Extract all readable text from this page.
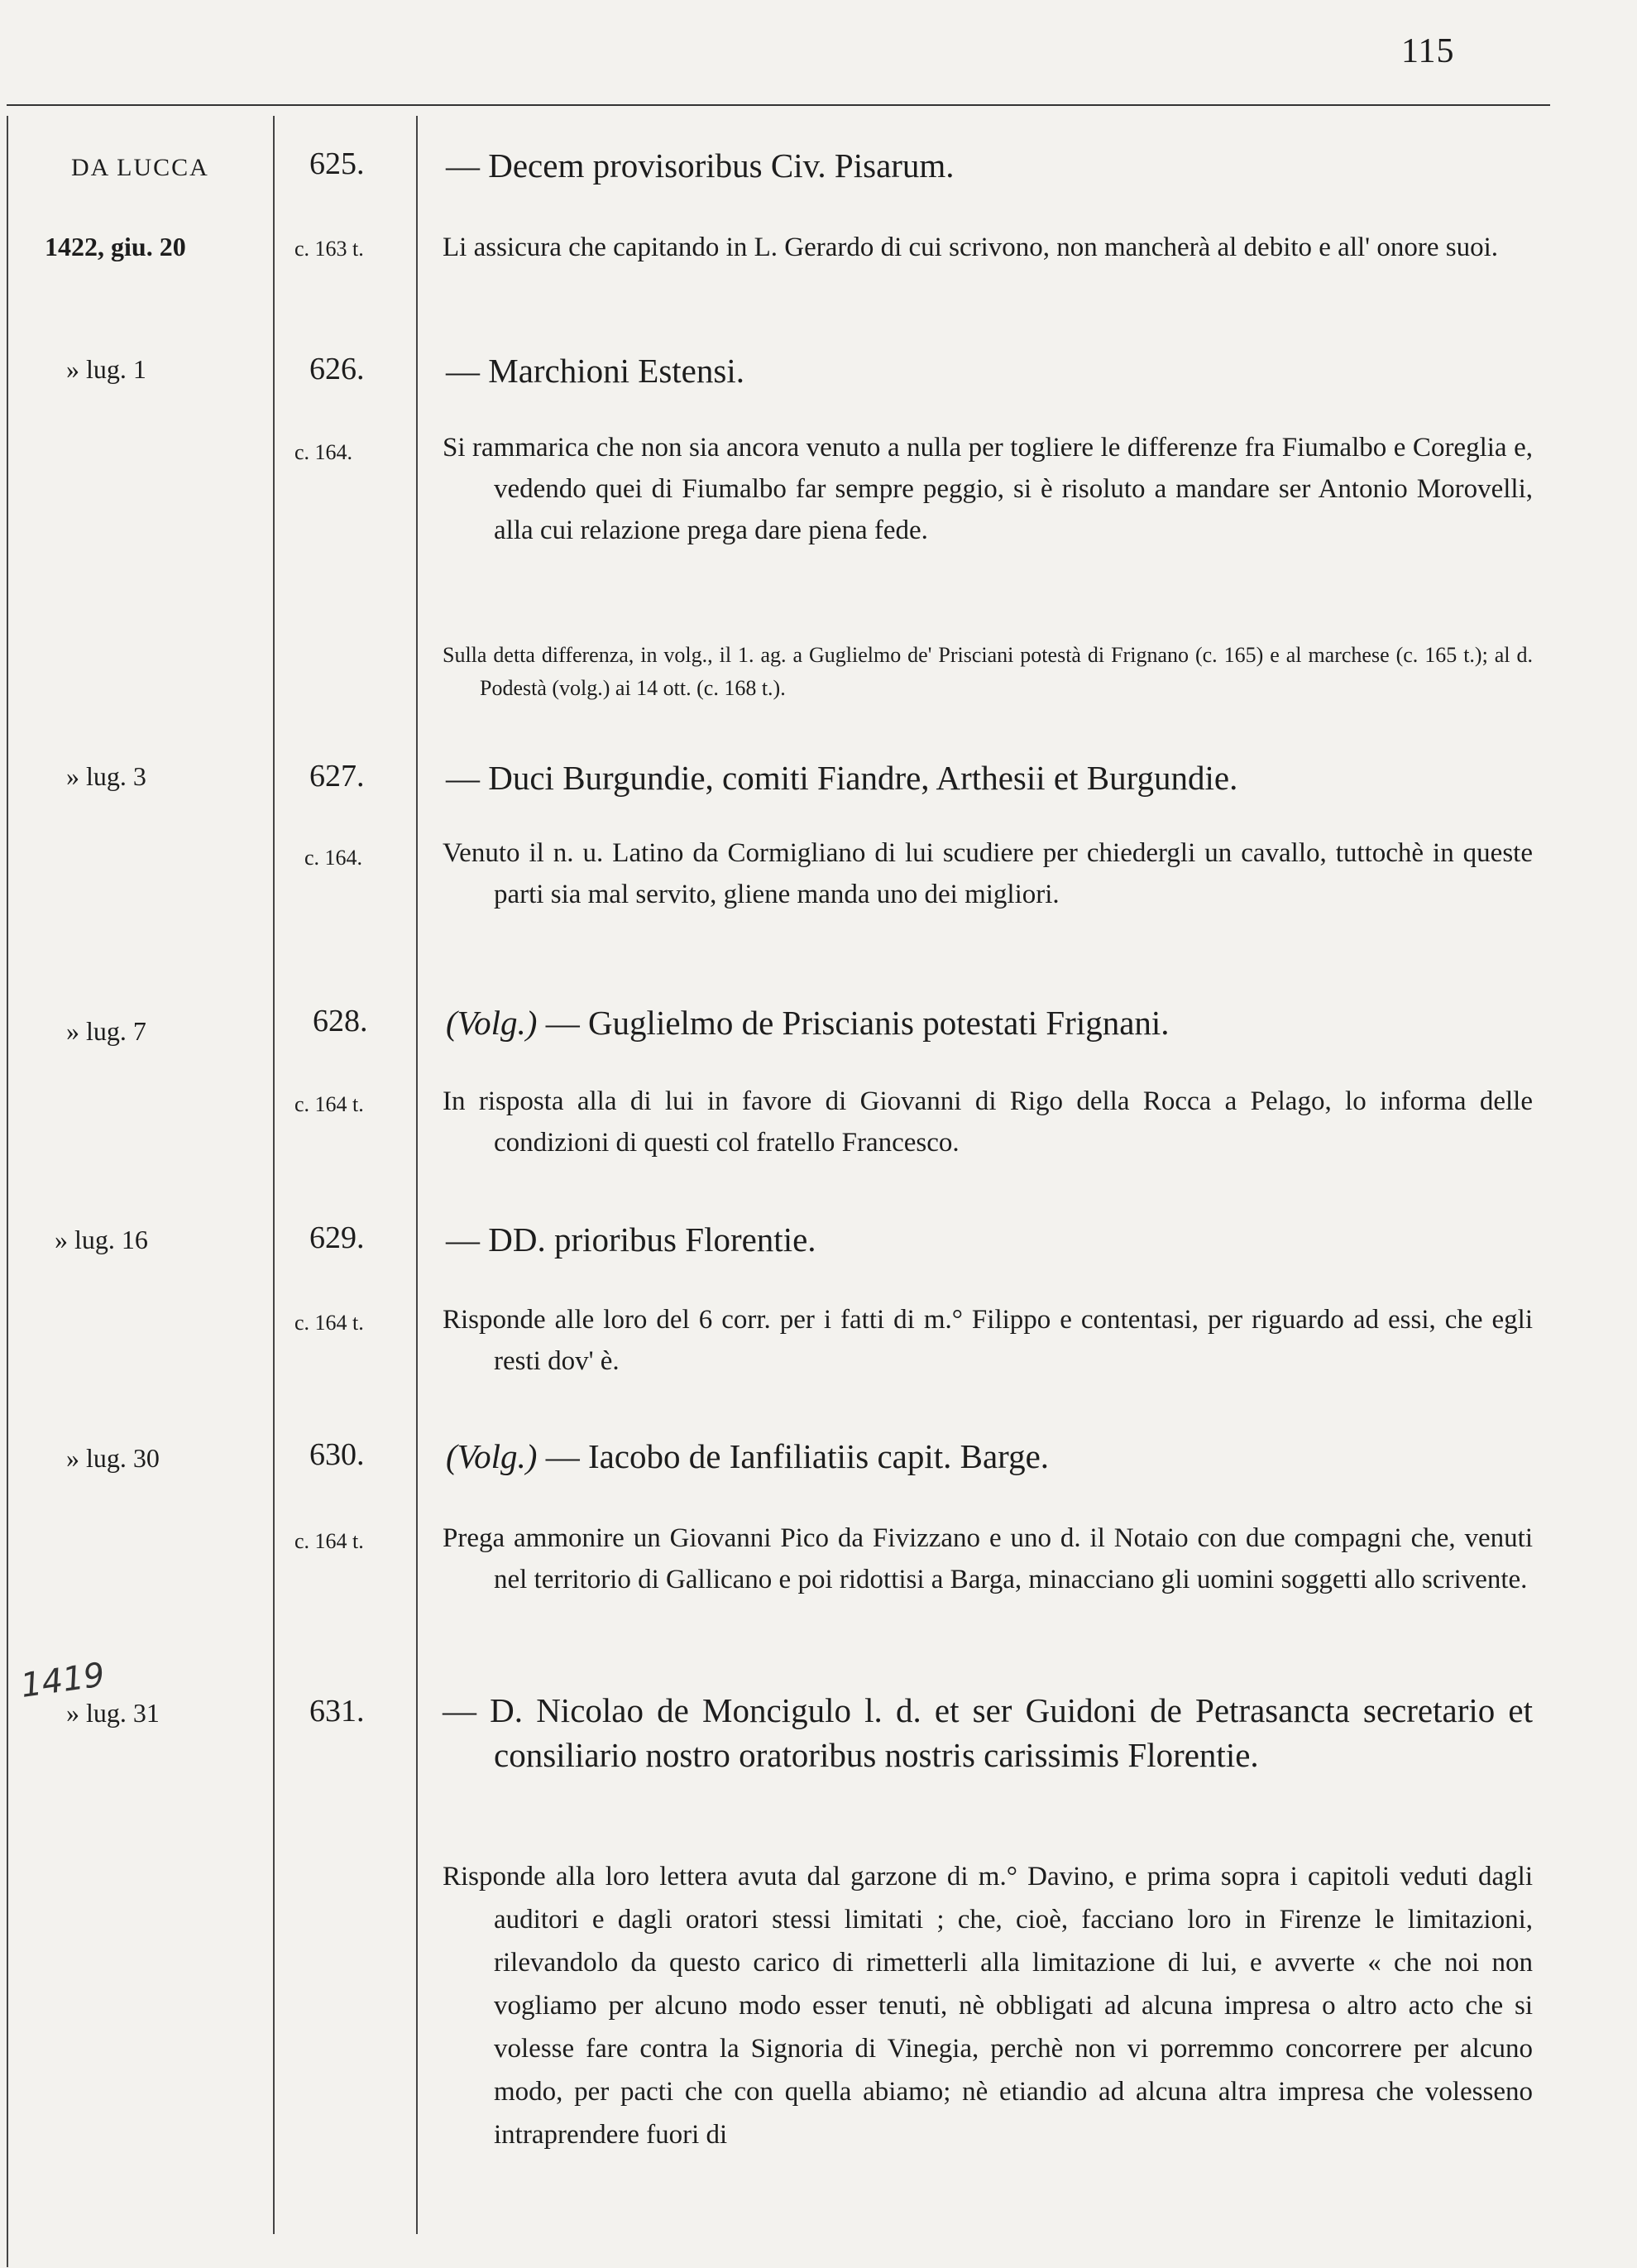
115
DA LUCCA	625. — Decem provisoribus Civ. Pisarum.
1422, giu. 20	c. 163 t.	Li assicura che capitando in L. Gerardo di cui scrivono, non mancherà al debito e all' onore suoi.
» lug. 1	626. — Marchioni Estensi.
c. 164.	Si rammarica che non sia ancora venuto a nulla per togliere le differenze fra Fiumalbo e Coreglia e, vedendo quei di Fiumalbo far sempre peggio, si è risoluto a mandare ser Antonio Morovelli, alla cui relazione prega dare piena fede.
Sulla detta differenza, in volg., il 1. ag. a Guglielmo de' Prisciani potestà di Frignano (c. 165) e al marchese (c. 165 t.); al d. Podestà (volg.) ai 14 ott. (c. 168 t.).
» lug. 3	627. — Duci Burgundie, comiti Fiandre, Arthesii et Burgundie.
c. 164.	Venuto il n. u. Latino da Cormigliano di lui scudiere per chiedergli un cavallo, tuttochè in queste parti sia mal servito, gliene manda uno dei migliori.
» lug. 7	628. (Volg.) — Guglielmo de Priscianis potestati Frignani.
c. 164 t.	In risposta alla di lui in favore di Giovanni di Rigo della Rocca a Pelago, lo informa delle condizioni di questi col fratello Francesco.
» lug. 16	629. — DD. prioribus Florentie.
c. 164 t.	Risponde alle loro del 6 corr. per i fatti di m.° Filippo e contentasi, per riguardo ad essi, che egli resti dov' è.
» lug. 30	630. (Volg.) — Iacobo de Ianfiliatiis capit. Barge.
c. 164 t.	Prega ammonire un Giovanni Pico da Fivizzano e uno d. il Notaio con due compagni che, venuti nel territorio di Gallicano e poi ridottisi a Barga, minacciano gli uomini soggetti allo scrivente.
1419
» lug. 31	631. — D. Nicolao de Moncigulo l. d. et ser Guidoni de Petrasancta secretario et consiliario nostro oratoribus nostris carissimis Florentie.
Risponde alla loro lettera avuta dal garzone di m.° Davino, e prima sopra i capitoli veduti dagli auditori e dagli oratori stessi limitati ; che, cioè, facciano loro in Firenze le limitazioni, rilevandolo da questo carico di rimetterli alla limitazione di lui, e avverte « che noi non vogliamo per alcuno modo esser tenuti, nè obbligati ad alcuna impresa o altro acto che si volesse fare contra la Signoria di Vinegia, perchè non vi porremmo concorrere per alcuno modo, per pacti che con quella abiamo; nè etiandio ad alcuna altra impresa che volesseno intraprendere fuori di
